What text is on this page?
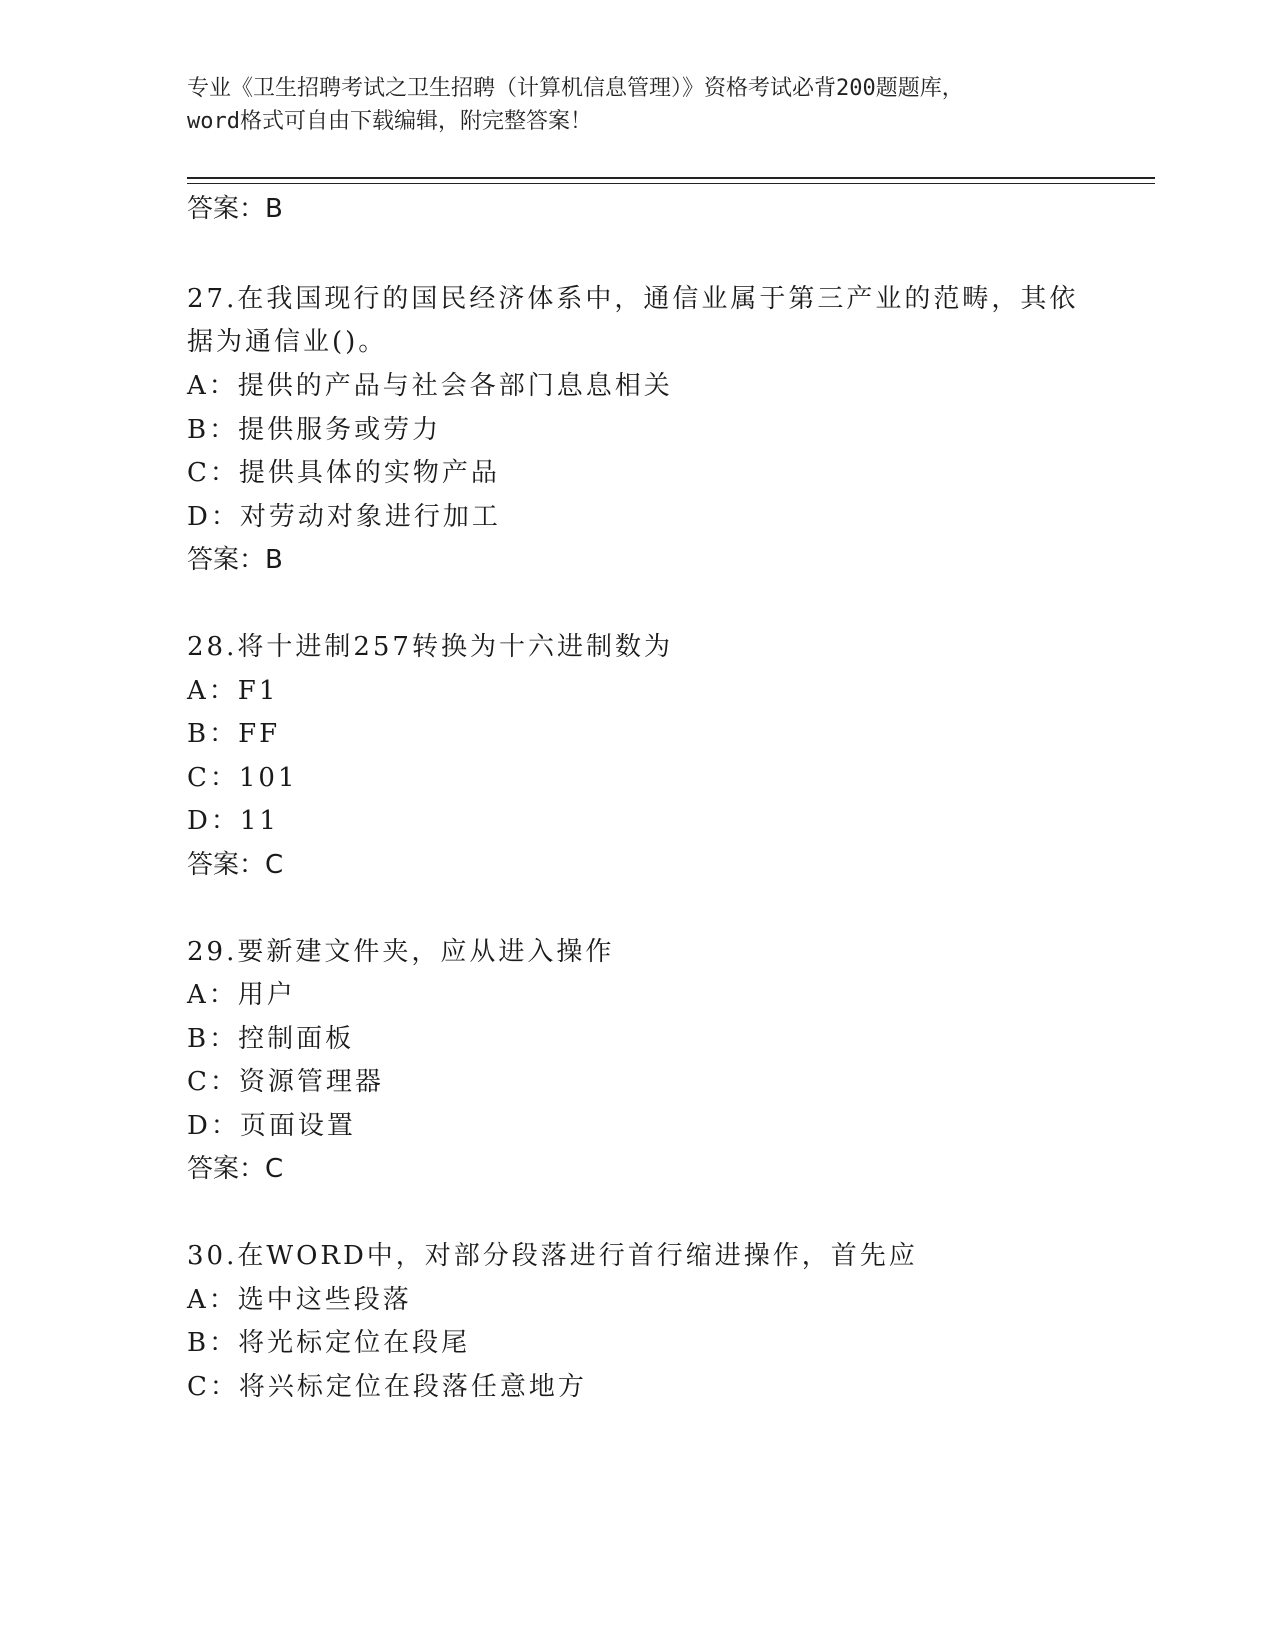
专业《卫生招聘考试之卫生招聘（计算机信息管理）》资格考试必背200题题库，
word格式可自由下载编辑，附完整答案！
答案：B
27.在我国现行的国民经济体系中，通信业属于第三产业的范畴，其依
据为通信业()。
A：提供的产品与社会各部门息息相关
B：提供服务或劳力
C：提供具体的实物产品
D：对劳动对象进行加工
答案：B
28.将十进制257转换为十六进制数为
A：F1
B：FF
C：101
D：11
答案：C
29.要新建文件夹，应从进入操作
A：用户
B：控制面板
C：资源管理器
D：页面设置
答案：C
30.在WORD中，对部分段落进行首行缩进操作，首先应
A：选中这些段落
B：将光标定位在段尾
C：将兴标定位在段落任意地方
